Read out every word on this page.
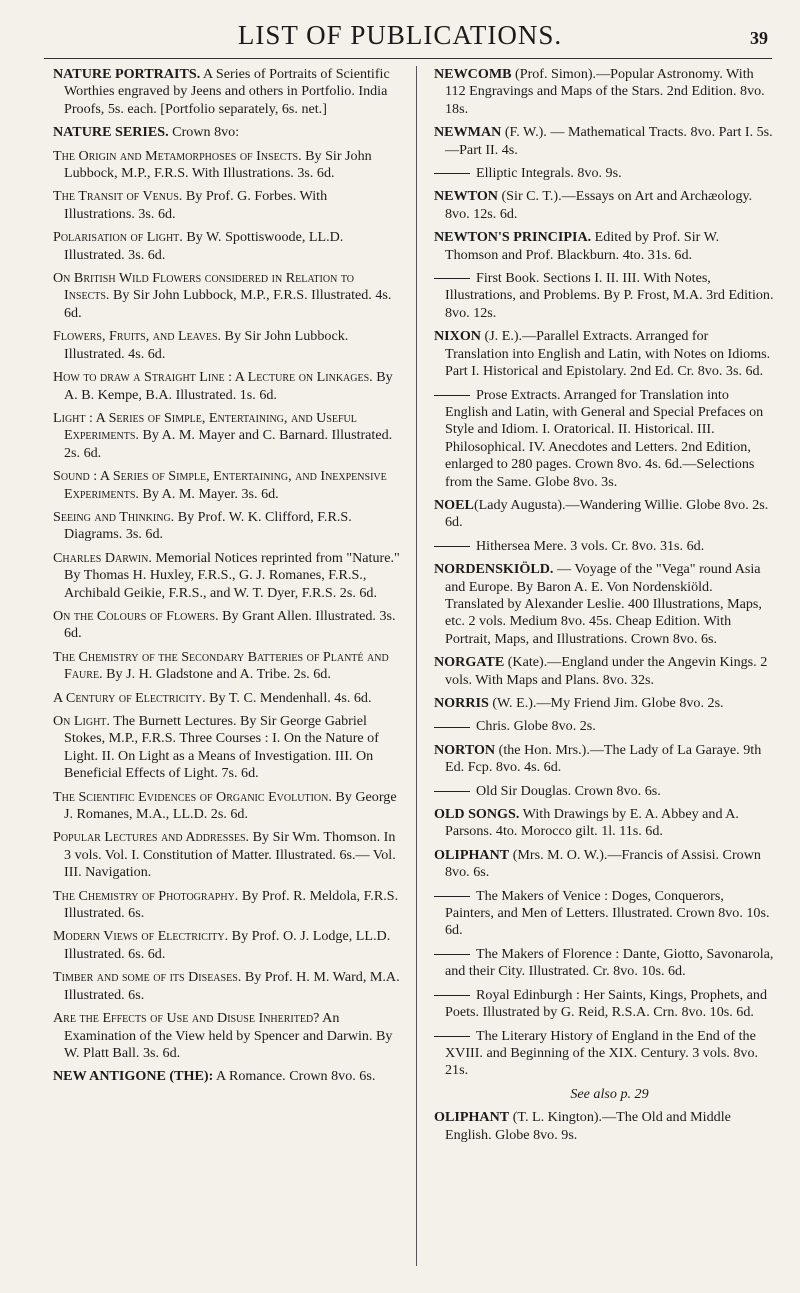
LIST OF PUBLICATIONS.	39
NATURE PORTRAITS. A Series of Portraits of Scientific Worthies engraved by Jeens and others in Portfolio. India Proofs, 5s. each. [Portfolio separately, 6s. net.]
NATURE SERIES. Crown 8vo:
The Origin and Metamorphoses of Insects. By Sir John Lubbock, M.P., F.R.S. With Illustrations. 3s. 6d.
The Transit of Venus. By Prof. G. Forbes. With Illustrations. 3s. 6d.
Polarisation of Light. By W. Spottiswoode, LL.D. Illustrated. 3s. 6d.
On British Wild Flowers considered in Relation to Insects. By Sir John Lubbock, M.P., F.R.S. Illustrated. 4s. 6d.
Flowers, Fruits, and Leaves. By Sir John Lubbock. Illustrated. 4s. 6d.
How to draw a Straight Line : A Lecture on Linkages. By A. B. Kempe, B.A. Illustrated. 1s. 6d.
Light : A Series of Simple, Entertaining, and Useful Experiments. By A. M. Mayer and C. Barnard. Illustrated. 2s. 6d.
Sound : A Series of Simple, Entertaining, and Inexpensive Experiments. By A. M. Mayer. 3s. 6d.
Seeing and Thinking. By Prof. W. K. Clifford, F.R.S. Diagrams. 3s. 6d.
Charles Darwin. Memorial Notices reprinted from "Nature." By Thomas H. Huxley, F.R.S., G. J. Romanes, F.R.S., Archibald Geikie, F.R.S., and W. T. Dyer, F.R.S. 2s. 6d.
On the Colours of Flowers. By Grant Allen. Illustrated. 3s. 6d.
The Chemistry of the Secondary Batteries of Planté and Faure. By J. H. Gladstone and A. Tribe. 2s. 6d.
A Century of Electricity. By T. C. Mendenhall. 4s. 6d.
On Light. The Burnett Lectures. By Sir George Gabriel Stokes, M.P., F.R.S. Three Courses : I. On the Nature of Light. II. On Light as a Means of Investigation. III. On Beneficial Effects of Light. 7s. 6d.
The Scientific Evidences of Organic Evolution. By George J. Romanes, M.A., LL.D. 2s. 6d.
Popular Lectures and Addresses. By Sir Wm. Thomson. In 3 vols. Vol. I. Constitution of Matter. Illustrated. 6s.— Vol. III. Navigation.
The Chemistry of Photography. By Prof. R. Meldola, F.R.S. Illustrated. 6s.
Modern Views of Electricity. By Prof. O. J. Lodge, LL.D. Illustrated. 6s. 6d.
Timber and some of its Diseases. By Prof. H. M. Ward, M.A. Illustrated. 6s.
Are the Effects of Use and Disuse Inherited? An Examination of the View held by Spencer and Darwin. By W. Platt Ball. 3s. 6d.
NEW ANTIGONE (THE): A Romance. Crown 8vo. 6s.
NEWCOMB (Prof. Simon).—Popular Astronomy. With 112 Engravings and Maps of the Stars. 2nd Edition. 8vo. 18s.
NEWMAN (F. W.). — Mathematical Tracts. 8vo. Part I. 5s.—Part II. 4s.
Elliptic Integrals. 8vo. 9s.
NEWTON (Sir C. T.).—Essays on Art and Archæology. 8vo. 12s. 6d.
NEWTON'S PRINCIPIA. Edited by Prof. Sir W. Thomson and Prof. Blackburn. 4to. 31s. 6d.
First Book. Sections I. II. III. With Notes, Illustrations, and Problems. By P. Frost, M.A. 3rd Edition. 8vo. 12s.
NIXON (J. E.).—Parallel Extracts. Arranged for Translation into English and Latin, with Notes on Idioms. Part I. Historical and Epistolary. 2nd Ed. Cr. 8vo. 3s. 6d.
Prose Extracts. Arranged for Translation into English and Latin, with General and Special Prefaces on Style and Idiom. I. Oratorical. II. Historical. III. Philosophical. IV. Anecdotes and Letters. 2nd Edition, enlarged to 280 pages. Crown 8vo. 4s. 6d.—Selections from the Same. Globe 8vo. 3s.
NOEL(Lady Augusta).—Wandering Willie. Globe 8vo. 2s. 6d.
Hithersea Mere. 3 vols. Cr. 8vo. 31s. 6d.
NORDENSKIÖLD. — Voyage of the "Vega" round Asia and Europe. By Baron A. E. Von Nordenskiöld. Translated by Alexander Leslie. 400 Illustrations, Maps, etc. 2 vols. Medium 8vo. 45s. Cheap Edition. With Portrait, Maps, and Illustrations. Crown 8vo. 6s.
NORGATE (Kate).—England under the Angevin Kings. 2 vols. With Maps and Plans. 8vo. 32s.
NORRIS (W. E.).—My Friend Jim. Globe 8vo. 2s.
Chris. Globe 8vo. 2s.
NORTON (the Hon. Mrs.).—The Lady of La Garaye. 9th Ed. Fcp. 8vo. 4s. 6d.
Old Sir Douglas. Crown 8vo. 6s.
OLD SONGS. With Drawings by E. A. Abbey and A. Parsons. 4to. Morocco gilt. 1l. 11s. 6d.
OLIPHANT (Mrs. M. O. W.).—Francis of Assisi. Crown 8vo. 6s.
The Makers of Venice : Doges, Conquerors, Painters, and Men of Letters. Illustrated. Crown 8vo. 10s. 6d.
The Makers of Florence : Dante, Giotto, Savonarola, and their City. Illustrated. Cr. 8vo. 10s. 6d.
Royal Edinburgh : Her Saints, Kings, Prophets, and Poets. Illustrated by G. Reid, R.S.A. Crn. 8vo. 10s. 6d.
The Literary History of England in the End of the XVIII. and Beginning of the XIX. Century. 3 vols. 8vo. 21s.
See also p. 29
OLIPHANT (T. L. Kington).—The Old and Middle English. Globe 8vo. 9s.
